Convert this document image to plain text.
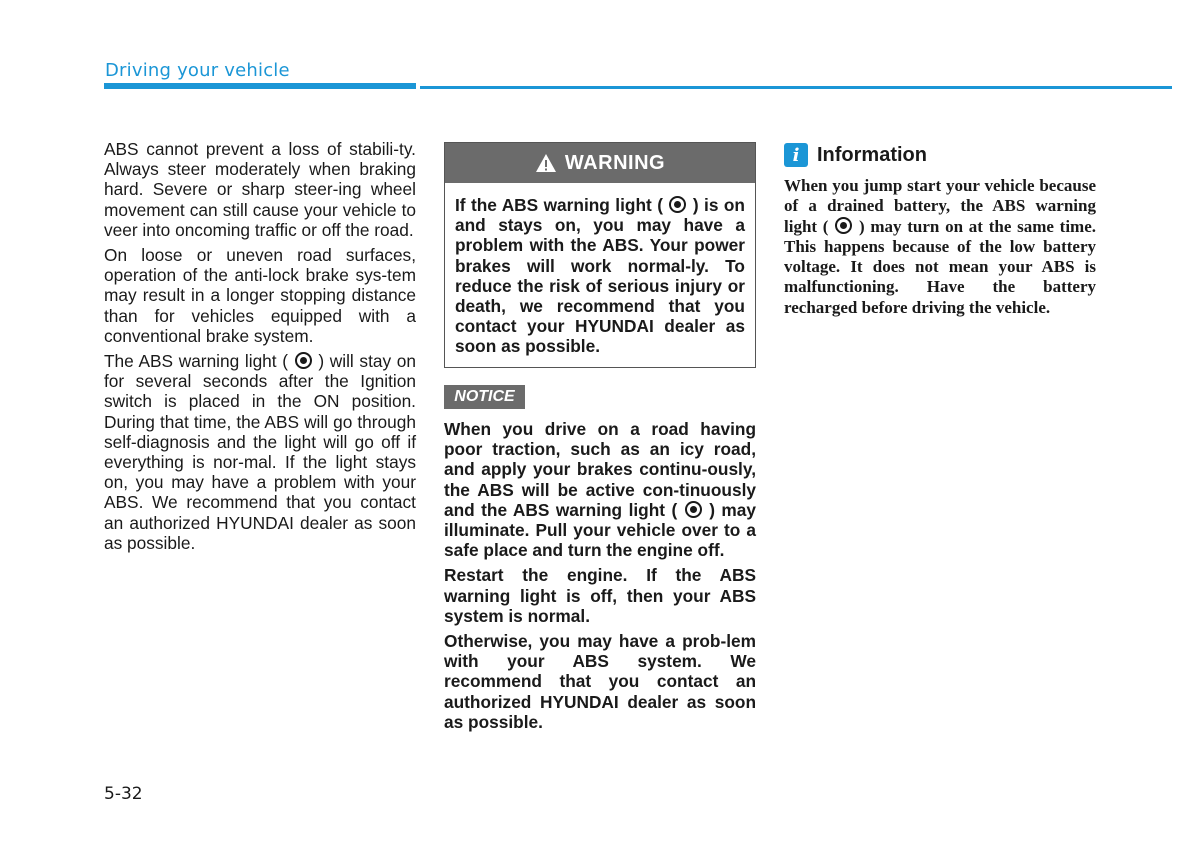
Driving your vehicle

ABS cannot prevent a loss of stabili-ty. Always steer moderately when braking hard. Severe or sharp steer-ing wheel movement can still cause your vehicle to veer into oncoming traffic or off the road.

On loose or uneven road surfaces, operation of the anti-lock brake sys-tem may result in a longer stopping distance than for vehicles equipped with a conventional brake system.

The ABS warning light ( ) will stay on for several seconds after the Ignition switch is placed in the ON position. During that time, the ABS will go through self-diagnosis and the light will go off if everything is nor-mal. If the light stays on, you may have a problem with your ABS. We recommend that you contact an authorized HYUNDAI dealer as soon as possible.

WARNING
If the ABS warning light ( ) is on and stays on, you may have a problem with the ABS. Your power brakes will work normal-ly. To reduce the risk of serious injury or death, we recommend that you contact your HYUNDAI dealer as soon as possible.
NOTICE

When you drive on a road having poor traction, such as an icy road, and apply your brakes continu-ously, the ABS will be active con-tinuously and the ABS warning light ( ) may illuminate. Pull your vehicle over to a safe place and turn the engine off.

Restart the engine. If the ABS warning light is off, then your ABS system is normal.

Otherwise, you may have a prob-lem with your ABS system. We recommend that you contact an authorized HYUNDAI dealer as soon as possible.

i Information
When you jump start your vehicle because of a drained battery, the ABS warning light ( ) may turn on at the same time. This happens because of the low battery voltage. It does not mean your ABS is malfunctioning. Have the battery recharged before driving the vehicle.
5-32
